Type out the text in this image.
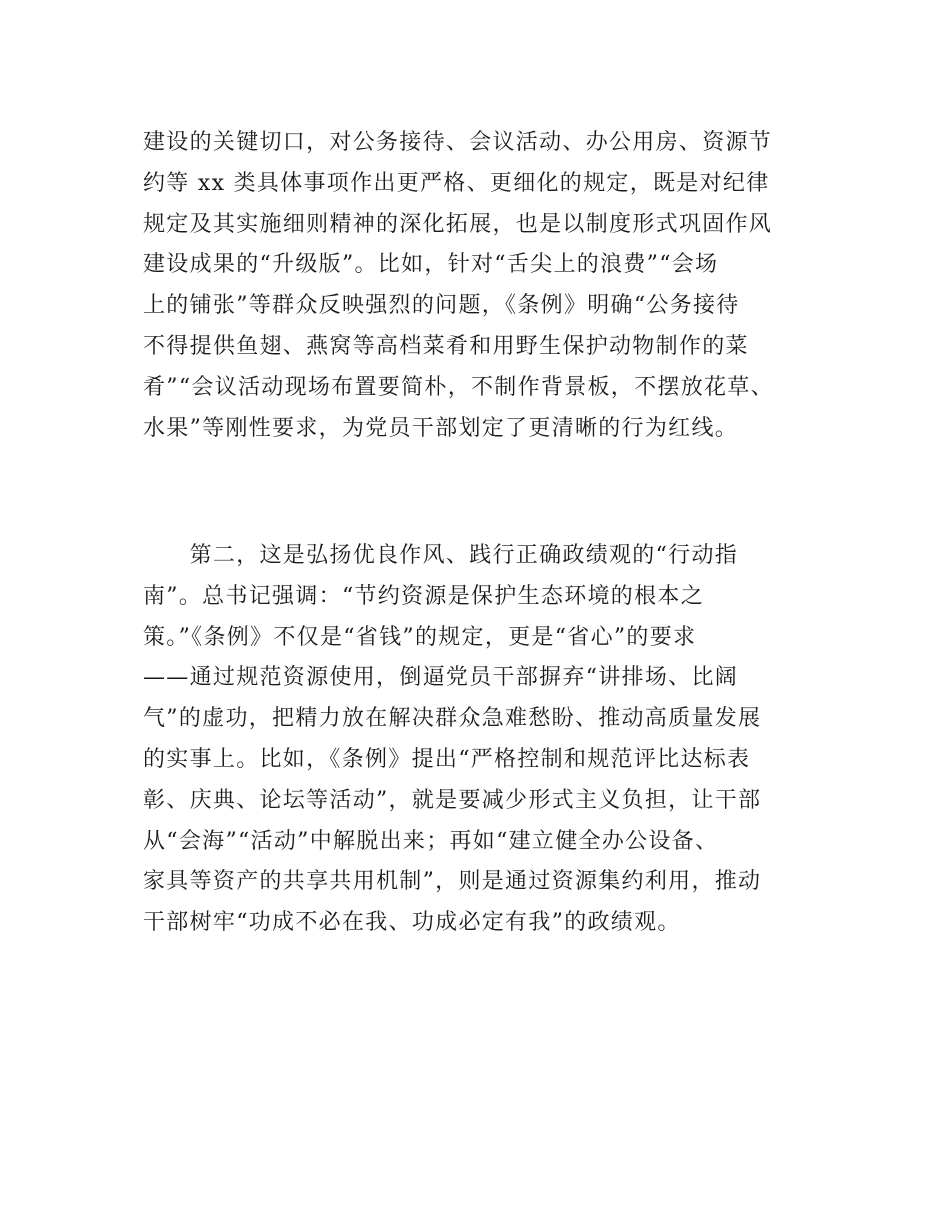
建设的关键切口，对公务接待、会议活动、办公用房、资源节
约等 xx 类具体事项作出更严格、更细化的规定，既是对纪律
规定及其实施细则精神的深化拓展，也是以制度形式巩固作风
建设成果的“升级版”。比如，针对“舌尖上的浪费”“会场
上的铺张”等群众反映强烈的问题，《条例》明确“公务接待
不得提供鱼翅、燕窝等高档菜肴和用野生保护动物制作的菜
肴”“会议活动现场布置要简朴，不制作背景板，不摆放花草、
水果”等刚性要求，为党员干部划定了更清晰的行为红线。
　　第二，这是弘扬优良作风、践行正确政绩观的“行动指
南”。总书记强调：“节约资源是保护生态环境的根本之
策。”《条例》不仅是“省钱”的规定，更是“省心”的要求
——通过规范资源使用，倒逼党员干部摒弃“讲排场、比阔
气”的虚功，把精力放在解决群众急难愁盼、推动高质量发展
的实事上。比如，《条例》提出“严格控制和规范评比达标表
彰、庆典、论坛等活动”，就是要减少形式主义负担，让干部
从“会海”“活动”中解脱出来；再如“建立健全办公设备、
家具等资产的共享共用机制”，则是通过资源集约利用，推动
干部树牢“功成不必在我、功成必定有我”的政绩观。
